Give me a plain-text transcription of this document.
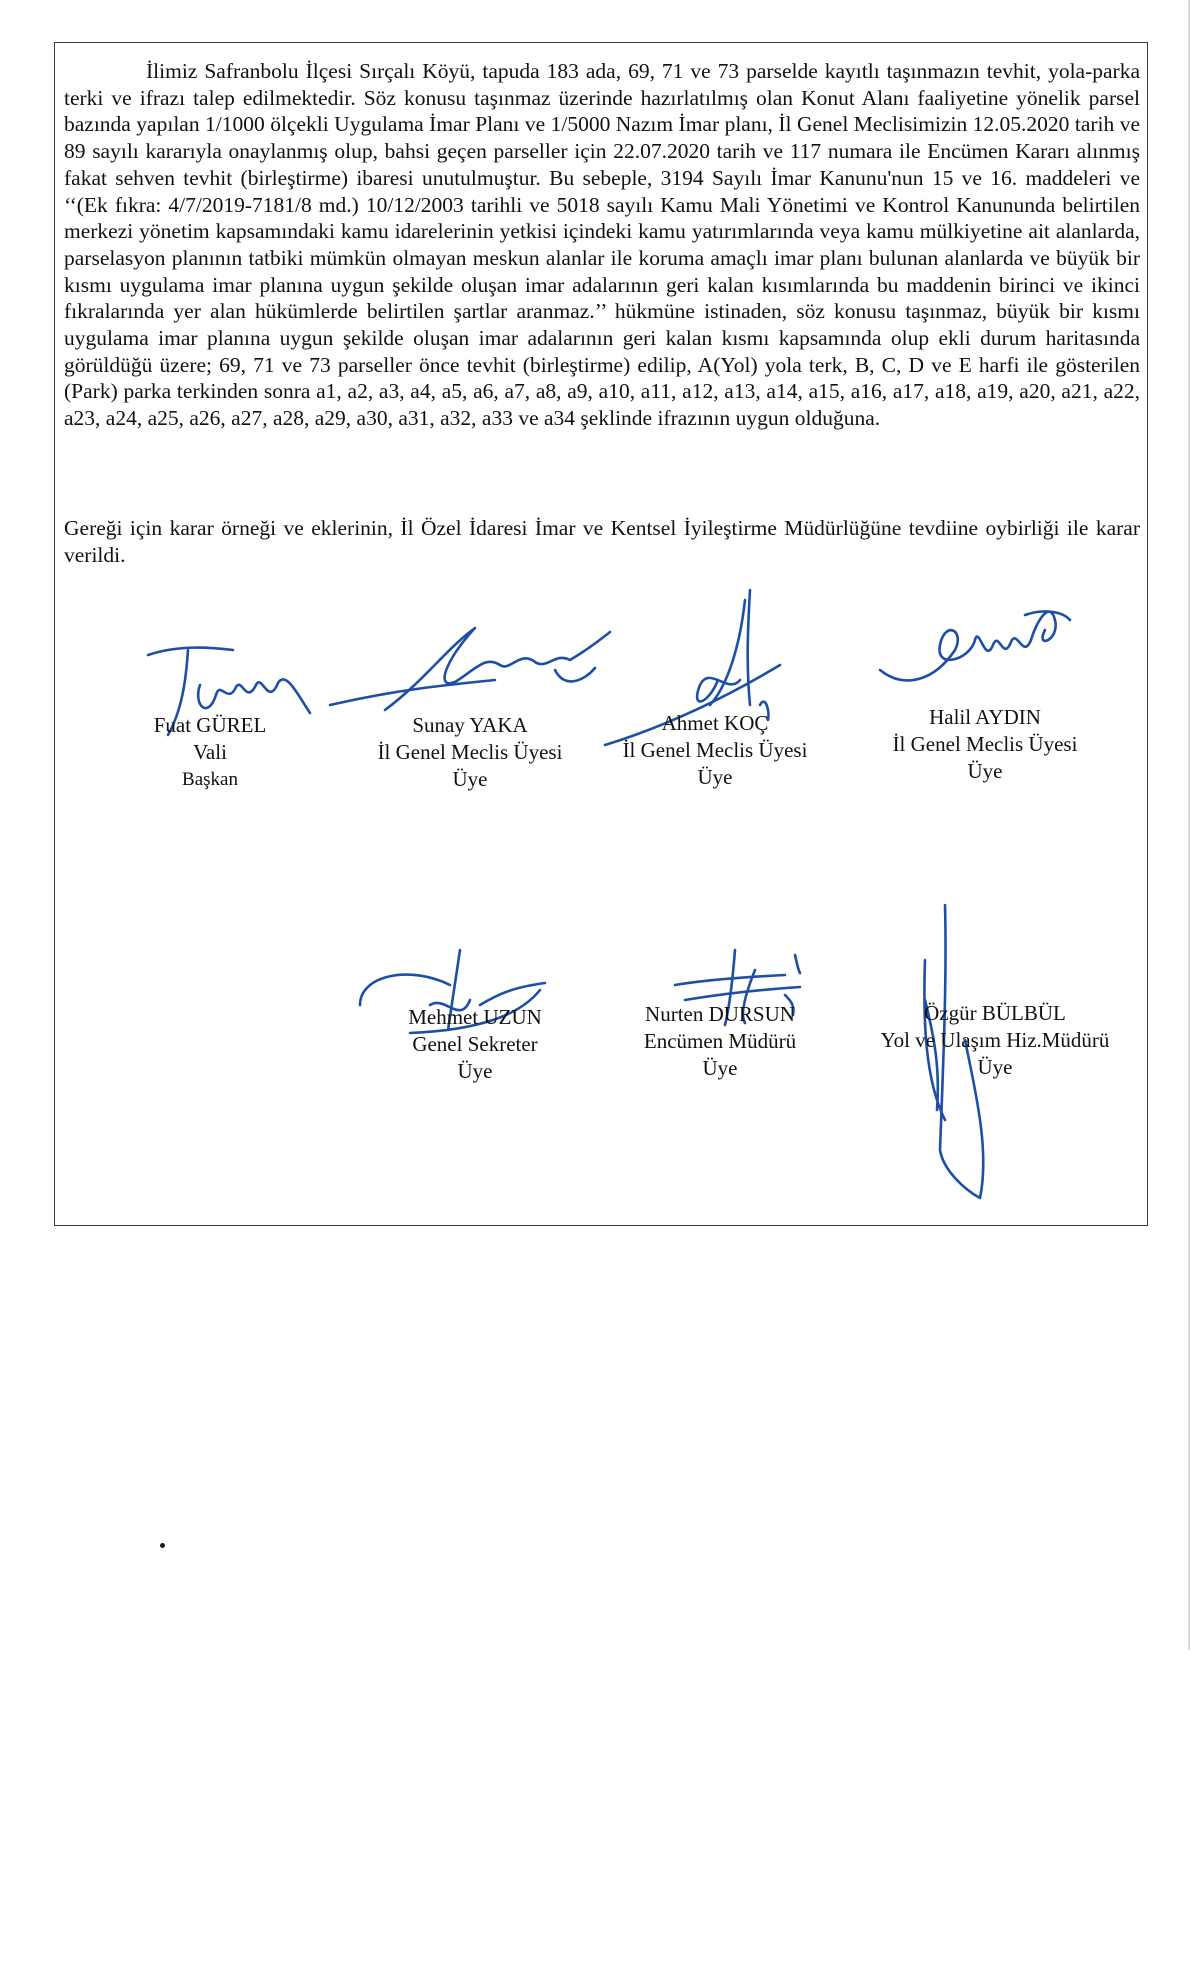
İlimiz Safranbolu İlçesi Sırçalı Köyü, tapuda 183 ada, 69, 71 ve 73 parselde kayıtlı taşınmazın tevhit, yola-parka terki ve ifrazı talep edilmektedir. Söz konusu taşınmaz üzerinde hazırlatılmış olan Konut Alanı faaliyetine yönelik parsel bazında yapılan 1/1000 ölçekli Uygulama İmar Planı ve 1/5000 Nazım İmar planı, İl Genel Meclisimizin 12.05.2020 tarih ve 89 sayılı kararıyla onaylanmış olup, bahsi geçen parseller için 22.07.2020 tarih ve 117 numara ile Encümen Kararı alınmış fakat sehven tevhit (birleştirme) ibaresi unutulmuştur. Bu sebeple, 3194 Sayılı İmar Kanunu'nun 15 ve 16. maddeleri ve ‘‘(Ek fıkra: 4/7/2019-7181/8 md.) 10/12/2003 tarihli ve 5018 sayılı Kamu Mali Yönetimi ve Kontrol Kanununda belirtilen merkezi yönetim kapsamındaki kamu idarelerinin yetkisi içindeki kamu yatırımlarında veya kamu mülkiyetine ait alanlarda, parselasyon planının tatbiki mümkün olmayan meskun alanlar ile koruma amaçlı imar planı bulunan alanlarda ve büyük bir kısmı uygulama imar planına uygun şekilde oluşan imar adalarının geri kalan kısımlarında bu maddenin birinci ve ikinci fıkralarında yer alan hükümlerde belirtilen şartlar aranmaz.’’ hükmüne istinaden, söz konusu taşınmaz, büyük bir kısmı uygulama imar planına uygun şekilde oluşan imar adalarının geri kalan kısmı kapsamında olup ekli durum haritasında görüldüğü üzere; 69, 71 ve 73 parseller önce tevhit (birleştirme) edilip, A(Yol) yola terk, B, C, D ve E harfi ile gösterilen (Park) parka terkinden sonra a1, a2, a3, a4, a5, a6, a7, a8, a9, a10, a11, a12, a13, a14, a15, a16, a17, a18, a19, a20, a21, a22, a23, a24, a25, a26, a27, a28, a29, a30, a31, a32, a33 ve a34 şeklinde ifrazının uygun olduğuna.

Gereği için karar örneği ve eklerinin, İl Özel İdaresi İmar ve Kentsel İyileştirme Müdürlüğüne tevdiine oybirliği ile karar verildi.

Fuat GÜREL
Vali
Başkan
Sunay YAKA
İl Genel Meclis Üyesi
Üye
Ahmet KOÇ
İl Genel Meclis Üyesi
Üye
Halil AYDIN
İl Genel Meclis Üyesi
Üye
Mehmet UZUN
Genel Sekreter
Üye
Nurten DURSUN
Encümen Müdürü
Üye
Özgür BÜLBÜL
Yol ve Ulaşım Hiz.Müdürü
Üye
